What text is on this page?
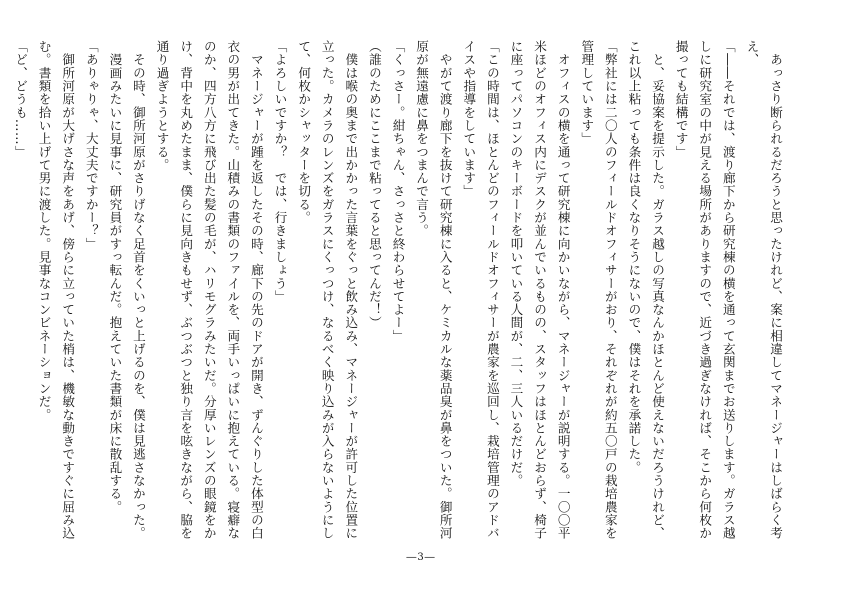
　あっさり断られるだろうと思ったけれど、案に相違してマネージャーはしばらく考え、

「――それでは、渡り廊下から研究棟の横を通って玄関までお送りします。ガラス越しに研究室の中が見える場所がありますので、近づき過ぎなければ、そこから何枚か撮っても結構です」

　と、妥協案を提示した。ガラス越しの写真なんかほとんど使えないだろうけれど、これ以上粘っても条件は良くなりそうにないので、僕はそれを承諾した。

「弊社には二〇人のフィールドオフィサーがおり、それぞれが約五〇戸の栽培農家を管理しています」

　オフィスの横を通って研究棟に向かいながら、マネージャーが説明する。一〇〇平米ほどのオフィス内にデスクが並んでいるものの、スタッフはほとんどおらず、椅子に座ってパソコンのキーボードを叩いている人間が、二、三人いるだけだ。

「この時間は、ほとんどのフィールドオフィサーが農家を巡回し、栽培管理のアドバイスや指導をしています」

　やがて渡り廊下を抜けて研究棟に入ると、ケミカルな薬品臭が鼻をついた。御所河原が無遠慮に鼻をつまんで言う。

「くっさー。紺ちゃん、さっさと終わらせてよー」

（誰のためにここまで粘ってると思ってんだ！）

　僕は喉の奥まで出かかった言葉をぐっと飲み込み、マネージャーが許可した位置に立った。カメラのレンズをガラスにくっつけ、なるべく映り込みが入らないようにして、何枚かシャッターを切る。

「よろしいですか？　では、行きましょう」

　マネージャーが踵を返したその時、廊下の先のドアが開き、ずんぐりした体型の白衣の男が出てきた。山積みの書類のファイルを、両手いっぱいに抱えている。寝癖なのか、四方八方に飛び出た髪の毛が、ハリモグラみたいだ。分厚いレンズの眼鏡をかけ、背中を丸めたまま、僕らに見向きもせず、ぶつぶつと独り言を呟きながら、脇を通り過ぎようとする。

　その時、御所河原がさりげなく足首をくいっと上げるのを、僕は見逃さなかった。

　漫画みたいに見事に、研究員がすっ転んだ。抱えていた書類が床に散乱する。

「ありゃりゃ、大丈夫ですかー？」

　御所河原が大げさな声をあげ、傍らに立っていた梢は、機敏な動きですぐに屈み込む。書類を拾い上げて男に渡した。見事なコンビネーションだ。

「ど、どうも……」

―3―
